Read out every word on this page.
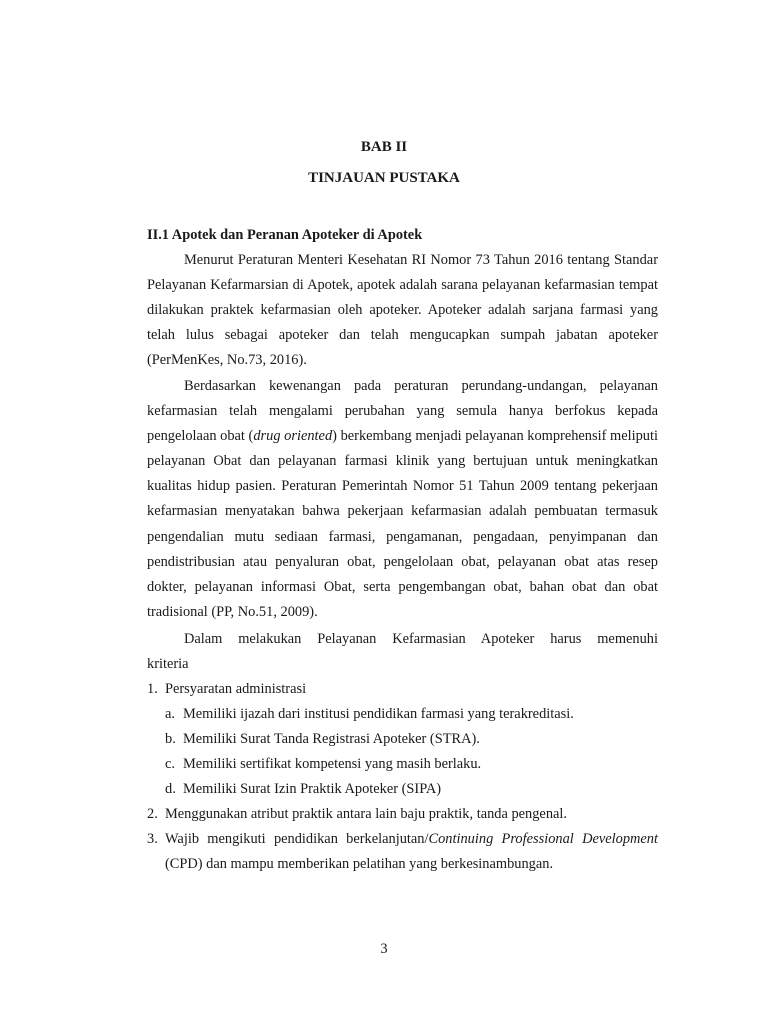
BAB II

TINJAUAN PUSTAKA

II.1 Apotek dan Peranan Apoteker di Apotek

Menurut Peraturan Menteri Kesehatan RI Nomor 73 Tahun 2016 tentang Standar Pelayanan Kefarmarsian di Apotek, apotek adalah sarana pelayanan kefarmasian tempat dilakukan praktek kefarmasian oleh apoteker. Apoteker adalah sarjana farmasi yang telah lulus sebagai apoteker dan telah mengucapkan sumpah jabatan apoteker (PerMenKes, No.73, 2016).

Berdasarkan kewenangan pada peraturan perundang-undangan, pelayanan kefarmasian telah mengalami perubahan yang semula hanya berfokus kepada pengelolaan obat (drug oriented) berkembang menjadi pelayanan komprehensif meliputi pelayanan Obat dan pelayanan farmasi klinik yang bertujuan untuk meningkatkan kualitas hidup pasien. Peraturan Pemerintah Nomor 51 Tahun 2009 tentang pekerjaan kefarmasian menyatakan bahwa pekerjaan kefarmasian adalah pembuatan termasuk pengendalian mutu sediaan farmasi, pengamanan, pengadaan, penyimpanan dan pendistribusian atau penyaluran obat, pengelolaan obat, pelayanan obat atas resep dokter, pelayanan informasi Obat, serta pengembangan obat, bahan obat dan obat tradisional (PP, No.51, 2009).

Dalam melakukan Pelayanan Kefarmasian Apoteker harus memenuhi

kriteria

1. Persyaratan administrasi
a. Memiliki ijazah dari institusi pendidikan farmasi yang terakreditasi.
b. Memiliki Surat Tanda Registrasi Apoteker (STRA).
c. Memiliki sertifikat kompetensi yang masih berlaku.
d. Memiliki Surat Izin Praktik Apoteker (SIPA)
2. Menggunakan atribut praktik antara lain baju praktik, tanda pengenal.
3. Wajib mengikuti pendidikan berkelanjutan/Continuing Professional Development (CPD) dan mampu memberikan pelatihan yang berkesinambungan.

3
